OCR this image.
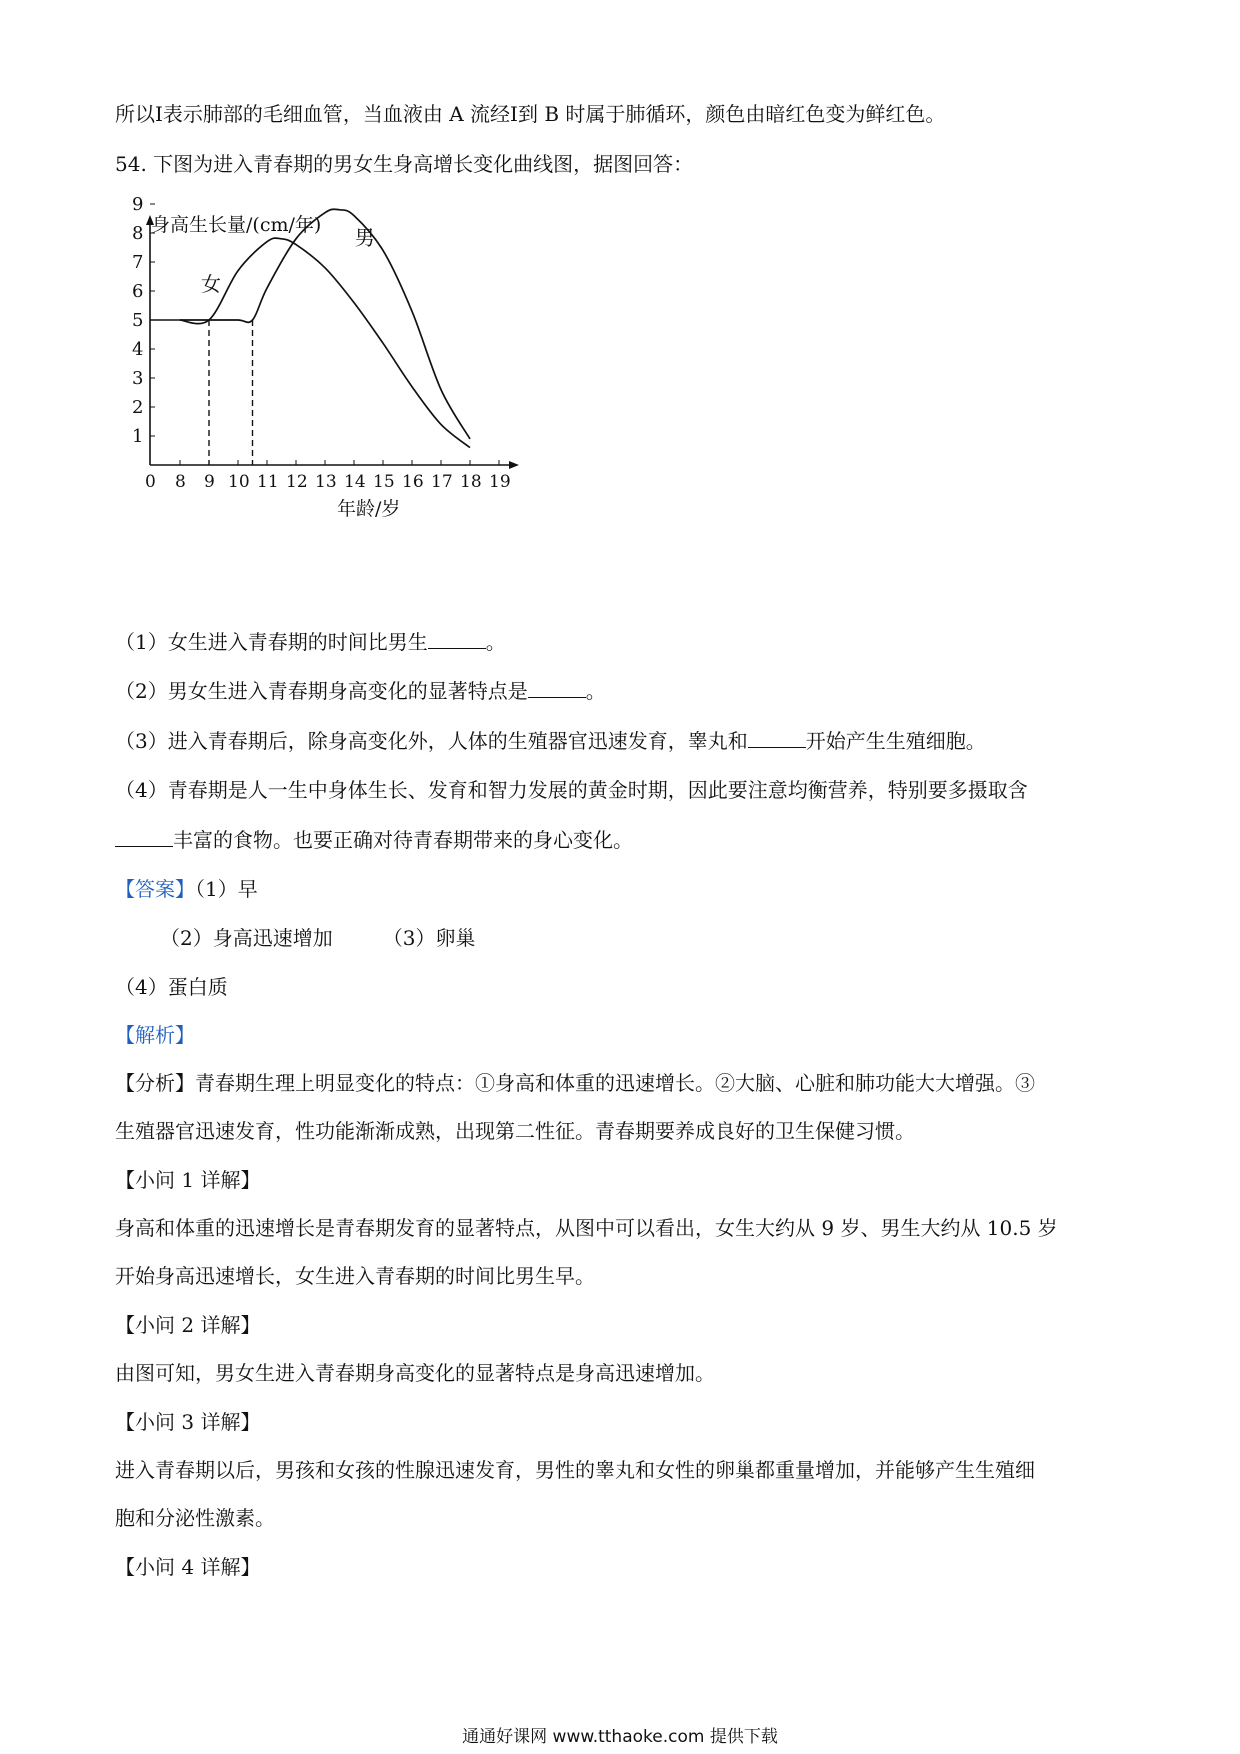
所以Ⅰ表示肺部的毛细血管，当血液由 A 流经Ⅰ到 B 时属于肺循环，颜色由暗红色变为鲜红色。
54. 下图为进入青春期的男女生身高增长变化曲线图，据图回答：
1
2
3
4
5
6
7
8
9
0 8 9 10 11 12 13 14 15 16 17 18 19
女
男
身高生长量/(cm/年)
年龄/岁
（1）女生进入青春期的时间比男生	。
（2）男女生进入青春期身高变化的显著特点是	。
（3）进入青春期后，除身高变化外，人体的生殖器官迅速发育，睾丸和	开始产生生殖细胞。
（4）青春期是人一生中身体生长、发育和智力发展的黄金时期，因此要注意均衡营养，特别要多摄取含
丰富的食物。也要正确对待青春期带来的身心变化。
【答案】（1）早
（2）身高迅速增加	（3）卵巢
（4）蛋白质
【解析】
【分析】青春期生理上明显变化的特点：①身高和体重的迅速增长。②大脑、心脏和肺功能大大增强。③
生殖器官迅速发育，性功能渐渐成熟，出现第二性征。青春期要养成良好的卫生保健习惯。
【小问 1 详解】
身高和体重的迅速增长是青春期发育的显著特点，从图中可以看出，女生大约从 9 岁、男生大约从 10.5 岁
开始身高迅速增长，女生进入青春期的时间比男生早。
【小问 2 详解】
由图可知，男女生进入青春期身高变化的显著特点是身高迅速增加。
【小问 3 详解】
进入青春期以后，男孩和女孩的性腺迅速发育，男性的睾丸和女性的卵巢都重量增加，并能够产生生殖细
胞和分泌性激素。
【小问 4 详解】
通通好课网 www.tthaoke.com 提供下载
